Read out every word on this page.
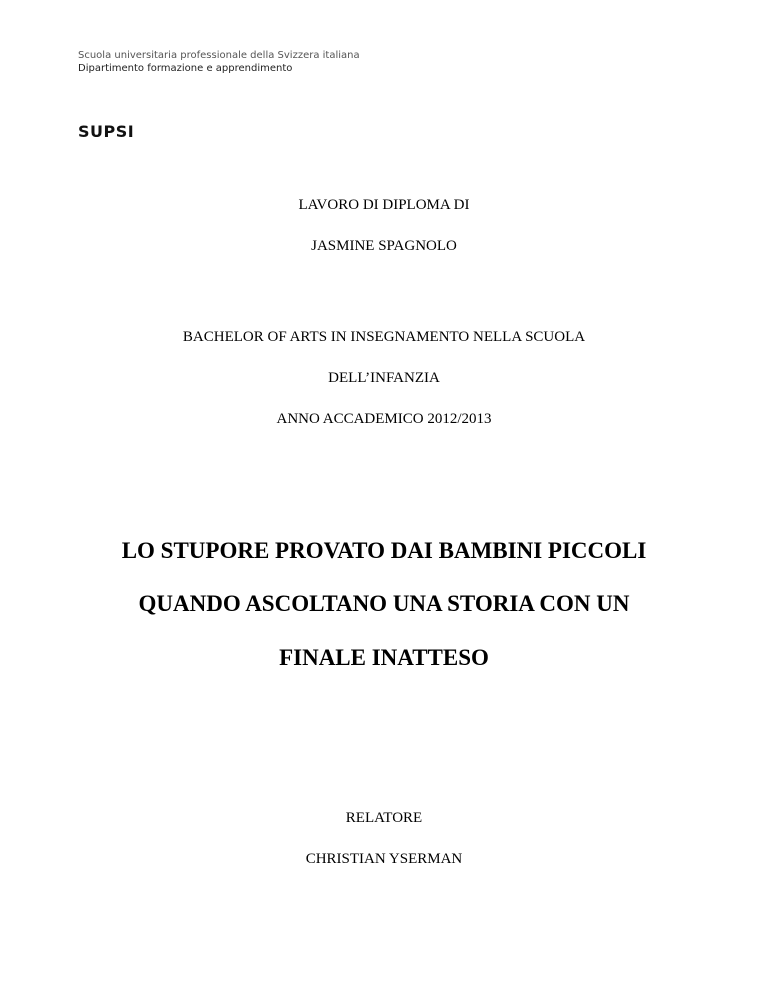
Scuola universitaria professionale della Svizzera italiana
Dipartimento formazione e apprendimento
SUPSI
LAVORO DI DIPLOMA DI
JASMINE SPAGNOLO
BACHELOR OF ARTS IN INSEGNAMENTO NELLA SCUOLA
DELL’INFANZIA
ANNO ACCADEMICO 2012/2013
LO STUPORE PROVATO DAI BAMBINI PICCOLI
QUANDO ASCOLTANO UNA STORIA CON UN
FINALE INATTESO
RELATORE
CHRISTIAN YSERMAN
